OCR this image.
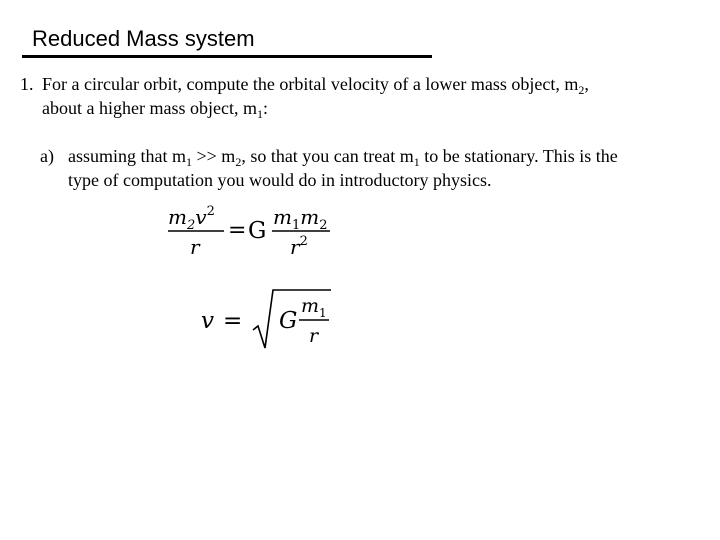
Reduced Mass system
1. For a circular orbit, compute the orbital velocity of a lower mass object, $m_2$,
about a higher mass object, $m_1$:
a) assuming that $m_1 >> m_2$, so that you can treat $m_1$ to be stationary. This is the
type of computation you would do in introductory physics.
$m_2v^2$
r
= G
$m_1m_2$
$r^2$
v = G
$m_1$
r
